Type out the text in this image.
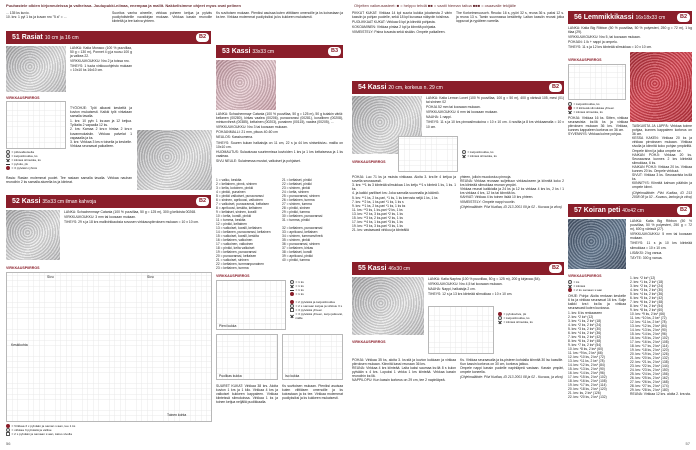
Puuhastele olkien kirjoneuleissa ja vaiheissa. Joulupukki-niinaa, enempaa ja mallit. Nakkelisimme ohjeet myos ovat pelinen
... 135 ks kuvio.
10. krs: 1 pyl 1 ks ja kuvan nro "5 a" = ...
51 Rasiat 10 cm ja 16 cm	B2
LANKA: Katia Monaco (100 % puuvillaa, 50 g = 130 m), Ponnet 4 g ja ruusu 100 g ja valkea 22.
VIRKKUUKOUKKU: Nro 2 ja toissa nro.
TIHEYS: 1 tuuta virkkuuohjeisto mukaan = 10x10 ks 16x10 cm.
VIRKKAUSPIIRROS
= piilovalkoiselta
= ketjusilmukka, ks
= kiinteä silmukka, ks
= pylväs, pk
= 3 pylvään ryhmä
TYÖOHJE: Työt alkavat keskeltä ja kuvion mukaisesti. Kaikki työt virkataan samalla tavalla.
1. krs: 10 pylv 1 ks:aan ja 12 ketjua. Työlaita 2 vapaalla 12 ks.
2. krs: Kamaa 2 krs:n hintaa 2 krs:n kuvanmukaisiin. Virkkaa palvelat 1 vapaaalla ja ks.
3. krs: Virkkaa 3 krs:n toisella ja keskelle. Virkkaa seuraavat paikalleen.
Rasia: Rasian molemmat puolet. Tee rasiaan samalla tavalla. Virkkaa nauhan reunoihin 2 ks samalla alueella ks ja kiinteat.
Suoritus vanha aineelle, virkkaa puheen ketjua ja pylväs puoliyhdisteille vuosikirjan mukaan. Virkkaa kassin reunoille kiinteitä ja tee kahva yhteen.
52 Kassi 35x33 cm ilman kahvoja	B2
LANKA: Schachenmayr Catania (100 % puuvillaa, 50 g = 125 m), 300 g kelloista 00268.
VIRKKUUKOUKKU: 3 mm tai koosaan mukaan.
TIHEYS: 29 s ja 18 krs mallivirkkauksia sovusen virkkauspiirroksen mukaan = 10 x 10 cm.
VIRKKAUSPIIRROS
Sivu	Sivu
Keskikohta
Toinen kohta
= Virkkaa 3 x pylvään ja saman s:aan, tee 1 ks
= virkkaa 3 pylvästä ja valitse
= 2 s pylvään ja samaan s:aan, katso sivulla
Ks suvitoisen mukaan. Pieniksi asuisaa kuten viittiäsen omenoille ja ks koirastaan ja ks tee. Virkkaa molemmat puoliyksiksi ja ks kukkeen mukaisesti.
53 Kassi 33x33 cm	B3
LANKA: Schachenmayr Catania (100 % puuvillaa, 50 g = 125 m), 50 g kutakin väriä: kellanen (00280), kirkas vaalea (00206), punaoranssi (00281), korallinen (00208), mintunvihreä (00385), keltainen (00203), punainen (00115), vaalea (00205), ...
VIRKKUUKOUKKU: Nro 3 tai koosaan mukaan.
POHJANMALLI: 21 mm, pituus 40-60 cm
NEULOS: Kassisomena.
TIHEYS: Suuren kukan halkaisija on 11 cm, 22 s ja 44 krs sinisekisivu- mallia on 10x10 cm.
HUOMAUTUS: Sulautuvaa suurimmissa kuvioiden 1 krs ja 1 krs keltaisessa ja 1 ks vaaleaa.
SIVU NEULE: Sulaimessa mustat, valkoiset ja pohjaiset.
1 = valko, keskita
2 = keltainen, pinnk, sininen
3 = kelta, kotoinen, pinkki
4 = pinkki, punainen
5 = pinkki valkoiset, punaoranssi
6 = sininen, aprikoosi, valkoinen
7 = valkoiset, punaoranssi, keltaisen
8 = aprikoosi, keskita, keltainen
9 = keltaiset, sininen, koralli
10 = kelta, koralli, pinkki
11 = tumma, keskita
12 = pinkki, keltainen
13 = valkoiset, koralli, keltaisen
14 = kellanen, punaoranssi, keltainen
15 = valkoiset, koralli, keskita
16 = keltainen, valkoinen
17 = valkoinen, valkoinen
18 = pinkki, kelta valkoiset
19 = keltainen, punaoranssi
20 = punaoranssi, keltaisen
21 = valkoiset, sininen
22 = keltainen, tummanpunainen
23 = keltainen, tumma
21 = keltaiset, pinkki
22 = keltaiset, pinkki
23 = sininen, pinkki
24 = kelta, sininen
25 = punaoranssi, sininen
26 = keltainen, tumma
27 = sininen, tumma
28 = pinkki, sininen
29 = pinkki, tumma
30 = keltainen, punaoranssi
31 = tumma, pinkki
32 = keltainen, punaoranssi
33 = aprikoosi, keltaisen
34 = sininen, tummanvihreä
35 = sininen, pinkki
36 = punaoranssi, sininen
37 = keltainen, kirkas
38 = keltaiset, koralli
39 = aprikoosi, pinkki
40 = pinkki, tumma
VIRKKAUSPIIRROS
Pieni kukka
= 1 ks
= 1 ks
= 1 ks
= 1 ks
= 2 pylvästä ja ketjusilmukka
= 2 s samaan ketjua ja virkkuu 3 s
= 3 pylvästä yhteen
= 3 pylvästä yhteen, ketju jatkuvat, näille
Puolikas kukka	Iso kukka
SUURET KUKAT: Virkkaa 38 krs. Aloita kuvion 1 krs ja 1 kilo. Virkkaa 4 krs ja valkoiset kukkeen kappaleen. Virkkaa kiinteissä silmukoissa. Virkkaa 1 ks ja toinen ketjua neljällä puolikkaalla.
Ks suvitoisen mukaan. Pieniksi asuisaa kuten viittiäsen omenoille ja ks koirastaan ja ks tee. Virkkaa molemmat puoliyksiksi ja ks kukkeen mukaisesti.
56
Ohjelten vaikeusasteet: ■ = helppo tehdä ■■ = vaatii hieman taitoa ■■■ = osaavalle tekijälle
PIKKUT KUKAT: Virkkaa 14 kpl suuria kukkia jokaisesta 2 värin kassiin ja pohjan puolelle, sekä 18 kpl kuvassa näkyviin toisiinsa.
PUOLIKKAAT KUKAT: Virkkaa 6 kpl ja kiinnitä pohjasta.
KOKOAMINEN: Virkkaa pintaa 2 kpl ja kiinnitä pohjasta.
VIIMEISTELY: Paina kuvasta sekä sisään. Ompele paikalleen.
The Korkeimmuusorh. Reuda: 16 s, pyöri 32 s, reuna 36 s. paksi 12 s. ja reuna 13 s. Tamin suunnassa keskitetty. Laitan kassiin reunat jotka loppuvat ja rypäleen varrella.
54 Kassi 20 cm, korkeus n. 29 cm	B2
LANKA: Katia Lemon Lovet (100 % puuvillaa, 100 g = 50 m), 400 g värissä 105, mesi (01) tai sininen 02
POHJA 52 mm tai koosaan mukaan.
VIRKKUUKOUKKU: 6 mm tai koosaan mukaan.
NAUHA: 1 nappi.
TIHEYS: 11 s ja 10 krs pinnasilmukoina = 10 x 10 cm. 4 nosilta ja 8 krs virkkaamalla = 10 x 10 cm.
VIRKKAUSPIIRROS
= ketjusilmukka, ks
= kiinteä silmukka, ks
POHJA: Luo 71 ks ja muista virkkaaa. Aloita 3. krs:lle 4 ketjua ja sovella seuraavasti.
3. krs: **1 ks 3 kiinteää silmukkaa 1 ks ketju **1 s kiinteä 1 ks, 1 ks. 1 ks.
4. ja kaikki parilliset krs: Joka samalla suunnalla ja kääntö.
5. krs: **1 ks, 2 ks-pari, *1 ks, 1 ks kerrosta neljä 1 ks, 1 ks
7. krs: **2 ks, 1 ks-pari *1 ks, 1 ks s
9. krs: **1 ks, 2 ks-pari *1 ks, 1 ks ks
11. krs: **3 ks, 1 ks-pari *2 ks, 1 ks
13. krs: **2 ks, 3 ks-pari *2 ks, 1 ks
15. krs: **3 ks, 2 ks-pari *2 ks, 1 ks
17. krs: **4 ks, 1 ks-pari *3 ks, 1 ks
19. krs: **3 ks, 3 ks-pari *3 ks, 1 ks
21. krs: vastaavasti virkkuu ja kiinteällä
yhteen, jolloin muodostuu pinnoja.
REUNA: Virkkaa reunaan suljettuun virkkaukseen ja kiinnitä koko 2 krs kiinteää silmukkaa reunan ympäri.
Virkkaa reunat kaikkialla ja 24 ks ja 12 ks virkkaa 4 krs ks, 2 ks / 1 krs virkkaa 4 krs, 12 ks tai kiinnitä ks.
KAHVAT: Virkkaa 4 ks toinen lisää 10 krs yhteen.
VIIMEISTELY: Ompele nappi vuoriin.
(Ohjelmalähde: Pilvi Kudlaa, ID 213 2001 09 ja 02 - Kuvaus ja viiva)
55 Kassi 46x30 cm	B2
LANKA: Katia Naphra (100 % puuvillaa, 50 g = 125 m), 200 g kirjavaa (54).
VIRKKUUKOUKKU: Nro 4,5 tai koosaan mukaan.
NAUHA: Nappi, halkaisija 2 cm.
TIHEYS: 12 s ja 13 krs kiinteää silmukkaa = 10 x 10 cm.
VIRKKAUSPIIRROS
= pylväsviiva, pk
= ketjusilmukka, ks
= kiinteä silmukka, ks
POHJA: Virkkaa 35 ks, aloita 3. ks:stä ja kuvion kukkaan ja virkkaa piirroksen mukaan. Kiinnitä kassi reunaan 36 krs.
REUNA: Virkkaa 4 krs kiinteää. Laita kaksi saumaa ks:llä 8 s kulon pylvään s 4 krs. Lopuksi 1 virkka 1 krs kiinteää. Virkkaa kassin reunoihin ks:llä.
NAPPILOPU: Kun kassin korkeus on 29 cm, tee 2 napinläpeä.
Ks. Virkkaa seuraavalla ja ks-pisteen kohdalla kiinnitä 30 lsc kassille.
Kun kassin korkeus on 30 cm, korkeus jatkuu.
Ompele nappi kassin puolelle napinläpeä vastaan. Kassin ympäri, ompele koneella.
(Ohjelmalähde: Pilvi Kudlaa, ID 213 2001 08 ja 02 - Kuvaus, ja viiva)
56 Lemmikkikassi 16x18x33 cm	B2
LANKA: Katia Big Ribbon (50 % puuvillaa, 50 % polyesteri, 250 g = 72 m), 1 kg tilaa (29).
VIRKKUUKOUKKU: Nro 5, tai koosaan mukaan.
POHJAN: 1 lk + nappi ja ompelu.
TIHEYS: 11 s ja 12 krs kiinteää silmukkaa = 10 x 10 cm.
VIRKKAUSPIIRROS
= ketjusilmukka, ks
= 3 kiinteää silmukkaa yhteen
= kiinteä silmukka, ks
POHJA: Virkkaa 16 ks. Sitten, virkkaa seuraavista ks:llä ks ja virkkaa piirroksen mukaan 36 krs. Virkkaa, kunnes kappaleen korkeus on 36 cm.
SYVENNYS: Virkkaa kolme pohjaa.
TASKUISTA JA LÄPPÄ: Virkkaa kolme pohjaa, kunnes kappaleen korkeus on 36 cm.
KESSA KAKEN: Virkkaa 20 ks ja virkkaa pirrokssen mukaan. Virkkaa sivulla ja kiinnitä koko pohjan ympäriltä. Ompele kiinni ja jalka ompele se.
HAIKAN POHJI: Virkkaa 20 ks. Seuraavana kunnes 2 krs kiinteää silmukkaa, 6 ks.
HAIKAN POHJI: Virkkaa 20 ks. Virkkaa kunnes 20 ks. Ompele virkkuut.
SIVUT: Virkkaa 3 ks. Seuraavista ks:llä ks.
KIINNITYS: Kiinnitä kahvan päähän ja ompele kiinni.
(Ohjelmalähde: Pilvi Kudlaa, ID 213 2008 08 ja 02 - Kuvaus, lankoja ja viiva)
57 Koiran peti 40x42 cm	B2
LANKA: Katia Big Ribbon (50 % puuvillaa, 50 % polyesteri, 250 g = 72 m), 600 g värissä (27).
VIRKKUUKOUKKU: 5 mm tai koosaan mukaan.
TIHEYS: 11 s ja 10 krs kiinteää silmukkaa = 10 x 10 cm.
LISÄKSI: 2 kg vanua.
TÄYTE: 300 g vanua.
VIRKKAUSPIIRROS
= ks
= kiinteä
= 2 ks samaan s:aan
OHJE: Pohja: Aloita renkaan keskelle 6 ks ja virkkaa seuraavat 16 krs. Sulje kaikki krs:t ks:lla ja virkkaa seuraavasti kuten kuviossa.
1. krs: 6 ks renkaaseen
2. krs: *2 ks* (12)
3. krs: *1 ks, 2 ks* (18)
4. krs: *2 ks, 2 ks* (24)
5. krs: *3 ks, 2 ks* (30)
6. krs: *4 ks, 2 ks* (36)
7. krs: *5 ks, 2 ks* (42)
8. krs: *6 ks, 2 ks* (48)
9. krs: *7 ks, 2 ks* (54)
10. krs: *8 ks, 2 ks* (60)
11. krs: *9 ks, 2 ks* (66)
12. krs: *10 ks, 2 ks* (72)
13. krs: *11 ks, 2 ks* (78)
14. krs: *12 ks, 2 ks* (84)
15. krs: *13 ks, 2 ks* (90)
16. krs: *14 ks, 2 ks* (96)
17. krs: *15 ks, 2 ks* (102)
18. krs: *16 ks, 2 ks* (108)
19. krs: *17 ks, 2 ks* (114)
20. krs: *18 ks, 2 ks* (120)
21. krs: ks, 2 ks* (126)
22. krs: *20 ks, 2 ks* (132)
1. krs: *2 ks* (12)
2. krs: *1 ks, 2 ks* (18)
3. krs: *2 ks, 2 ks* (24)
4. krs: *3 ks, 2 ks* (30)
5. krs: *4 ks, 2 ks* (36)
6. krs: *5 ks, 2 ks* (42)
7. krs: *6 ks, 2 ks* (48)
8. krs: *7 ks, 2 ks* (54)
9. krs: *8 ks, 2 ks* (60)
10. krs: *9 ks, 2 ks* (66)
11. krs: *10 ks, 2 ks* (72)
12. krs: *11 ks, 2 ks* (78)
13. krs: *12 ks, 2 ks* (84)
14. krs: *13 ks, 2 ks* (90)
15. krs: *14 ks, 2 ks* (96)
16. krs: *15 ks, 2 ks* (102)
17. krs: *16 ks, 2 ks* (108)
18. krs: *17 ks, 2 ks* (114)
19. krs: *18 ks, 2 ks* (120)
20. krs: *19 ks, 2 ks* (126)
21. krs: *20 ks, 2 ks* (132)
22. krs: *21 ks, 2 ks* (138)
23. krs: *22 ks, 2 ks* (144)
24. krs: *23 ks, 2 ks* (150)
25. krs: *24 ks, 2 ks* (156)
26. krs: *25 ks, 2 ks* (162)
27. krs: *26 ks, 2 ks* (168)
28. krs: *27 ks, 2 ks* (174)
29. krs: *28 ks, 2 ks* (180)
REUNA: Virkkaa 12 krs. aloita 2. krs:sta.
57
